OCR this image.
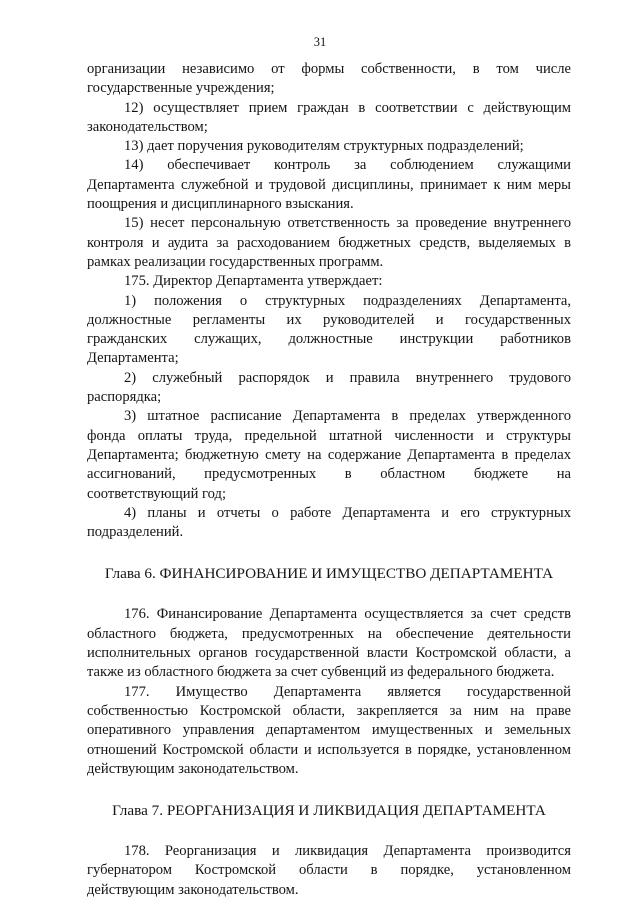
31

организации независимо от формы собственности, в том числе

государственные учреждения;

12) осуществляет прием граждан в соответствии с действующим

законодательством;

13) дает поручения руководителям структурных подразделений;

14) обеспечивает контроль за соблюдением служащими

Департамента служебной и трудовой дисциплины, принимает к ним меры

поощрения и дисциплинарного взыскания.

15) несет персональную ответственность за проведение внутреннего

контроля и аудита за расходованием бюджетных средств, выделяемых в

рамках реализации государственных программ.

175. Директор Департамента утверждает:

1) положения о структурных подразделениях Департамента,

должностные регламенты их руководителей и государственных

гражданских служащих, должностные инструкции работников

Департамента;

2) служебный распорядок и правила внутреннего трудового

распорядка;

3) штатное расписание Департамента в пределах утвержденного

фонда оплаты труда, предельной штатной численности и структуры

Департамента; бюджетную смету на содержание Департамента в пределах

ассигнований, предусмотренных в областном бюджете на

соответствующий год;

4) планы и отчеты о работе Департамента и его структурных

подразделений.

Глава 6. ФИНАНСИРОВАНИЕ И ИМУЩЕСТВО ДЕПАРТАМЕНТА

176. Финансирование Департамента осуществляется за счет средств

областного бюджета, предусмотренных на обеспечение деятельности

исполнительных органов государственной власти Костромской области, а

также из областного бюджета за счет субвенций из федерального бюджета.

177. Имущество Департамента является государственной

собственностью Костромской области, закрепляется за ним на праве

оперативного управления департаментом имущественных и земельных

отношений Костромской области и используется в порядке, установленном

действующим законодательством.

Глава 7. РЕОРГАНИЗАЦИЯ И ЛИКВИДАЦИЯ ДЕПАРТАМЕНТА

178. Реорганизация и ликвидация Департамента производится

губернатором Костромской области в порядке, установленном

действующим законодательством.
